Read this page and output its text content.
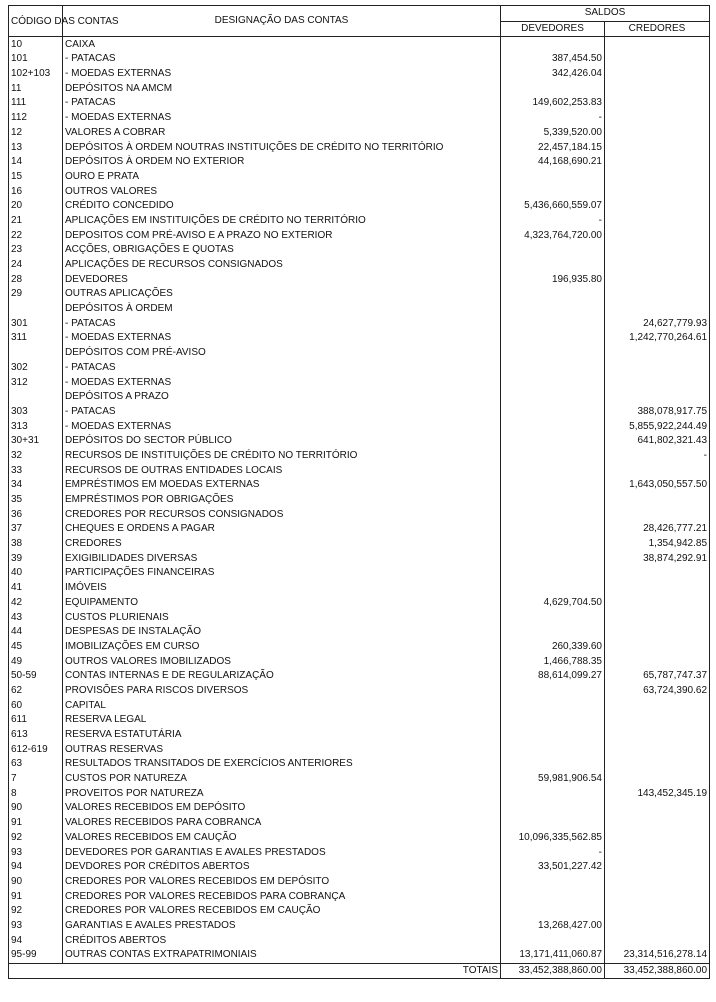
CÓDIGO DAS CONTAS	DESIGNAÇÃO DAS CONTAS	SALDOS	
		DEVEDORES	CREDORES
10	CAIXA		
101	- PATACAS	387,454.50	
102+103	- MOEDAS EXTERNAS	342,426.04	
11	DEPÓSITOS NA AMCM		
111	- PATACAS	149,602,253.83	
112	- MOEDAS EXTERNAS	-	
12	VALORES A COBRAR	5,339,520.00	
13	DEPÓSITOS À ORDEM NOUTRAS INSTITUIÇÕES DE CRÉDITO NO TERRITÓRIO	22,457,184.15	
14	DEPÓSITOS À ORDEM NO EXTERIOR	44,168,690.21	
15	OURO E PRATA		
16	OUTROS VALORES		
20	CRÉDITO CONCEDIDO	5,436,660,559.07	
21	APLICAÇÕES EM INSTITUIÇÕES DE CRÉDITO NO TERRITÓRIO	-	
22	DEPOSITOS COM PRÉ-AVISO E A PRAZO NO EXTERIOR	4,323,764,720.00	
23	ACÇÕES, OBRIGAÇÕES E QUOTAS		
24	APLICAÇÕES DE RECURSOS CONSIGNADOS		
28	DEVEDORES	196,935.80	
29	OUTRAS APLICAÇÕES		
	DEPÓSITOS À ORDEM		
301	- PATACAS		24,627,779.93
311	- MOEDAS EXTERNAS		1,242,770,264.61
	DEPÓSITOS COM PRÉ-AVISO		
302	- PATACAS		
312	- MOEDAS EXTERNAS		
	DEPÓSITOS A PRAZO		
303	- PATACAS		388,078,917.75
313	- MOEDAS EXTERNAS		5,855,922,244.49
30+31	DEPÓSITOS DO SECTOR PÚBLICO		641,802,321.43
32	RECURSOS DE INSTITUIÇÕES DE CRÉDITO NO TERRITÓRIO		-
33	RECURSOS DE OUTRAS ENTIDADES LOCAIS		
34	EMPRÉSTIMOS EM MOEDAS EXTERNAS		1,643,050,557.50
35	EMPRÉSTIMOS POR OBRIGAÇÕES		
36	CREDORES POR RECURSOS CONSIGNADOS		
37	CHEQUES E ORDENS A PAGAR		28,426,777.21
38	CREDORES		1,354,942.85
39	EXIGIBILIDADES DIVERSAS		38,874,292.91
40	PARTICIPAÇÕES FINANCEIRAS		
41	IMÓVEIS		
42	EQUIPAMENTO	4,629,704.50	
43	CUSTOS PLURIENAIS		
44	DESPESAS DE INSTALAÇÃO		
45	IMOBILIZAÇÕES EM CURSO	260,339.60	
49	OUTROS VALORES IMOBILIZADOS	1,466,788.35	
50-59	CONTAS INTERNAS E DE REGULARIZAÇÃO	88,614,099.27	65,787,747.37
62	PROVISÕES PARA RISCOS DIVERSOS		63,724,390.62
60	CAPITAL		
611	RESERVA LEGAL		
613	RESERVA ESTATUTÁRIA		
612-619	OUTRAS RESERVAS		
63	RESULTADOS TRANSITADOS DE EXERCÍCIOS ANTERIORES		
7	CUSTOS POR NATUREZA	59,981,906.54	
8	PROVEITOS POR NATUREZA		143,452,345.19
90	VALORES RECEBIDOS EM DEPÓSITO		
91	VALORES RECEBIDOS PARA COBRANCA		
92	VALORES RECEBIDOS EM CAUÇÃO	10,096,335,562.85	
93	DEVEDORES POR GARANTIAS E AVALES PRESTADOS	-	
94	DEVDORES POR CRÉDITOS ABERTOS	33,501,227.42	
90	CREDORES POR VALORES RECEBIDOS EM DEPÓSITO		
91	CREDORES POR VALORES RECEBIDOS PARA COBRANÇA		
92	CREDORES POR VALORES RECEBIDOS EM CAUÇÃO		
93	GARANTIAS E AVALES PRESTADOS	13,268,427.00	
94	CRÉDITOS ABERTOS		
95-99	OUTRAS CONTAS EXTRAPATRIMONIAIS	13,171,411,060.87	23,314,516,278.14
TOTAIS		33,452,388,860.00	33,452,388,860.00
